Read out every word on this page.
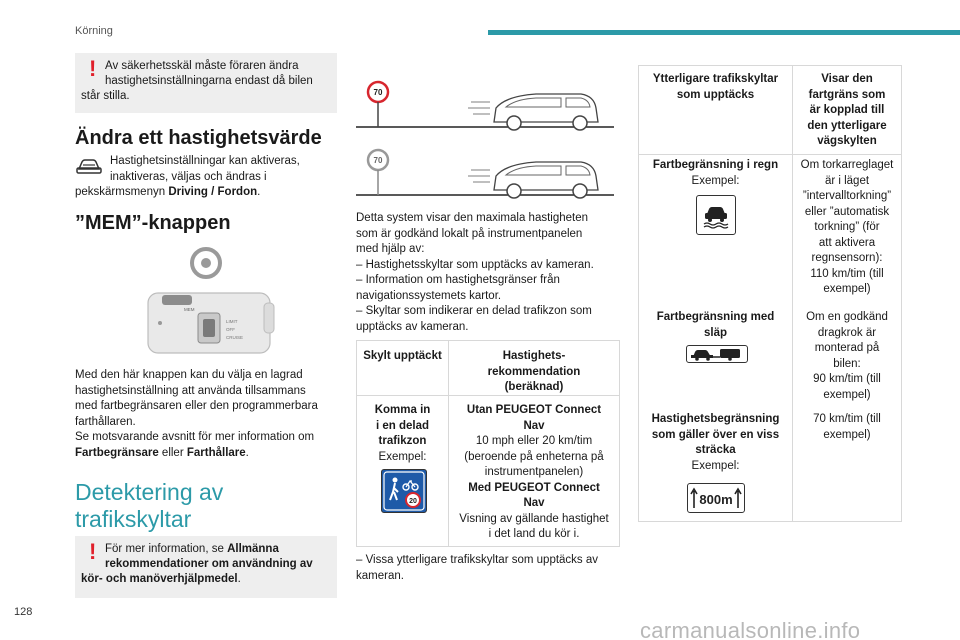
Körning
! Av säkerhetsskäl måste föraren ändra
hastighetsinställningarna endast då bilen
står stilla.
Ändra ett hastighetsvärde
Hastighetsinställningar kan aktiveras,
inaktiveras, väljas och ändras i
pekskärmsmenyn Driving / Fordon.
”MEM”-knappen
MEM
LIMIT
OFF
CRUISE
Med den här knappen kan du välja en lagrad
hastighetsinställning att använda tillsammans
med fartbegränsaren eller den programmerbara
farthållaren.
Se motsvarande avsnitt för mer information om
Fartbegränsare eller Farthållare.
Detektering av
trafikskyltar
! För mer information, se Allmänna
rekommendationer om användning av
kör- och manöverhjälpmedel.
70
70
Detta system visar den maximala hastigheten
som är godkänd lokalt på instrumentpanelen
med hjälp av:
– Hastighetsskyltar som upptäcks av kameran.
– Information om hastighetsgränser från
navigationssystemets kartor.
– Skyltar som indikerar en delad trafikzon som
upptäcks av kameran.
Skylt upptäckt	Hastighets-
rekommendation
(beräknad)
Komma in
i en delad
trafikzon
Exempel:
20
Utan PEUGEOT Connect
Nav
10 mph eller 20 km/tim
(beroende på enheterna på
instrumentpanelen)
Med PEUGEOT Connect
Nav
Visning av gällande hastighet
i det land du kör i.
– Vissa ytterligare trafikskyltar som upptäcks av
kameran.
Ytterligare trafikskyltar
som upptäcks
Visar den
fartgräns som
är kopplad till
den ytterligare
vägskylten
Fartbegränsning i regn
Exempel:
Om torkarreglaget
är i läget
”intervalltorkning”
eller ”automatisk
torkning” (för
att aktivera
regnsensorn):
110 km/tim (till
exempel)
Fartbegränsning med
släp
Om en godkänd
dragkrok är
monterad på
bilen:
90 km/tim (till
exempel)
Hastighetsbegränsning
som gäller över en viss
sträcka
Exempel:
800m
70 km/tim (till
exempel)
128
carmanualsonline.info
